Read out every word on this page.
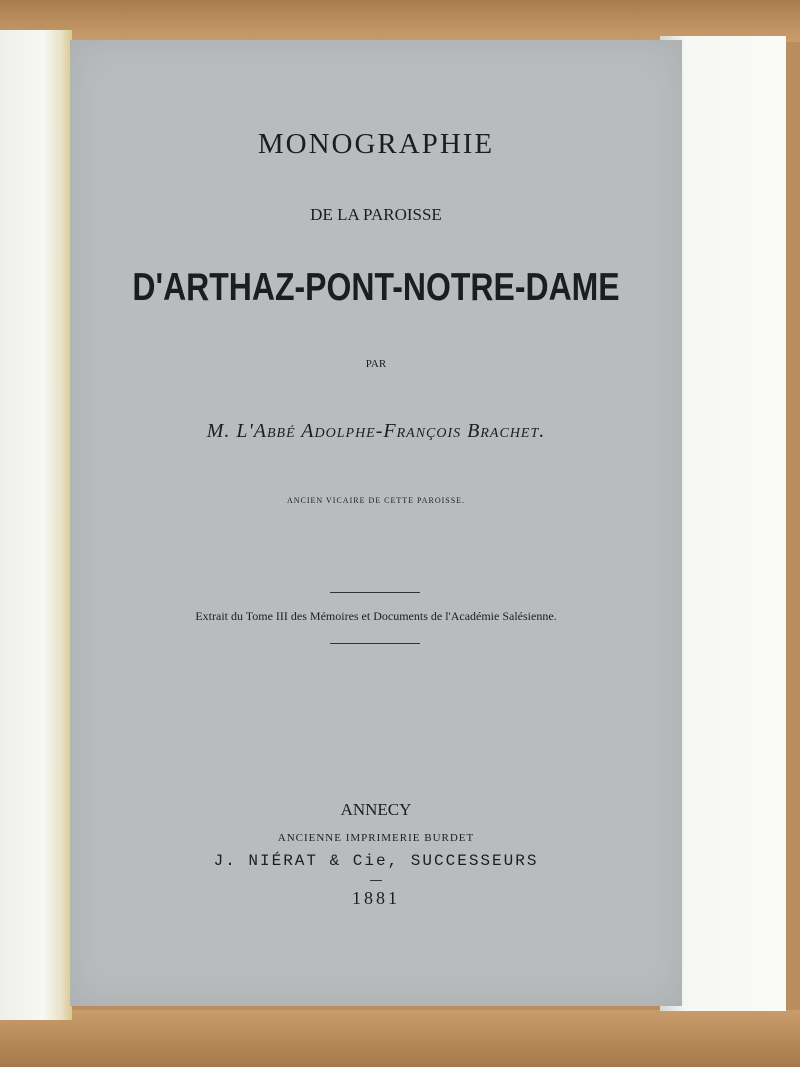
MONOGRAPHIE
DE LA PAROISSE
D'ARTHAZ-PONT-NOTRE-DAME
PAR
M. L'Abbé Adolphe-François Brachet.
ANCIEN VICAIRE DE CETTE PAROISSE.
Extrait du Tome III des Mémoires et Documents de l'Académie Salésienne.
ANNECY
ANCIENNE IMPRIMERIE BURDET
J. NIÉRAT & Cie, SUCCESSEURS
1881
